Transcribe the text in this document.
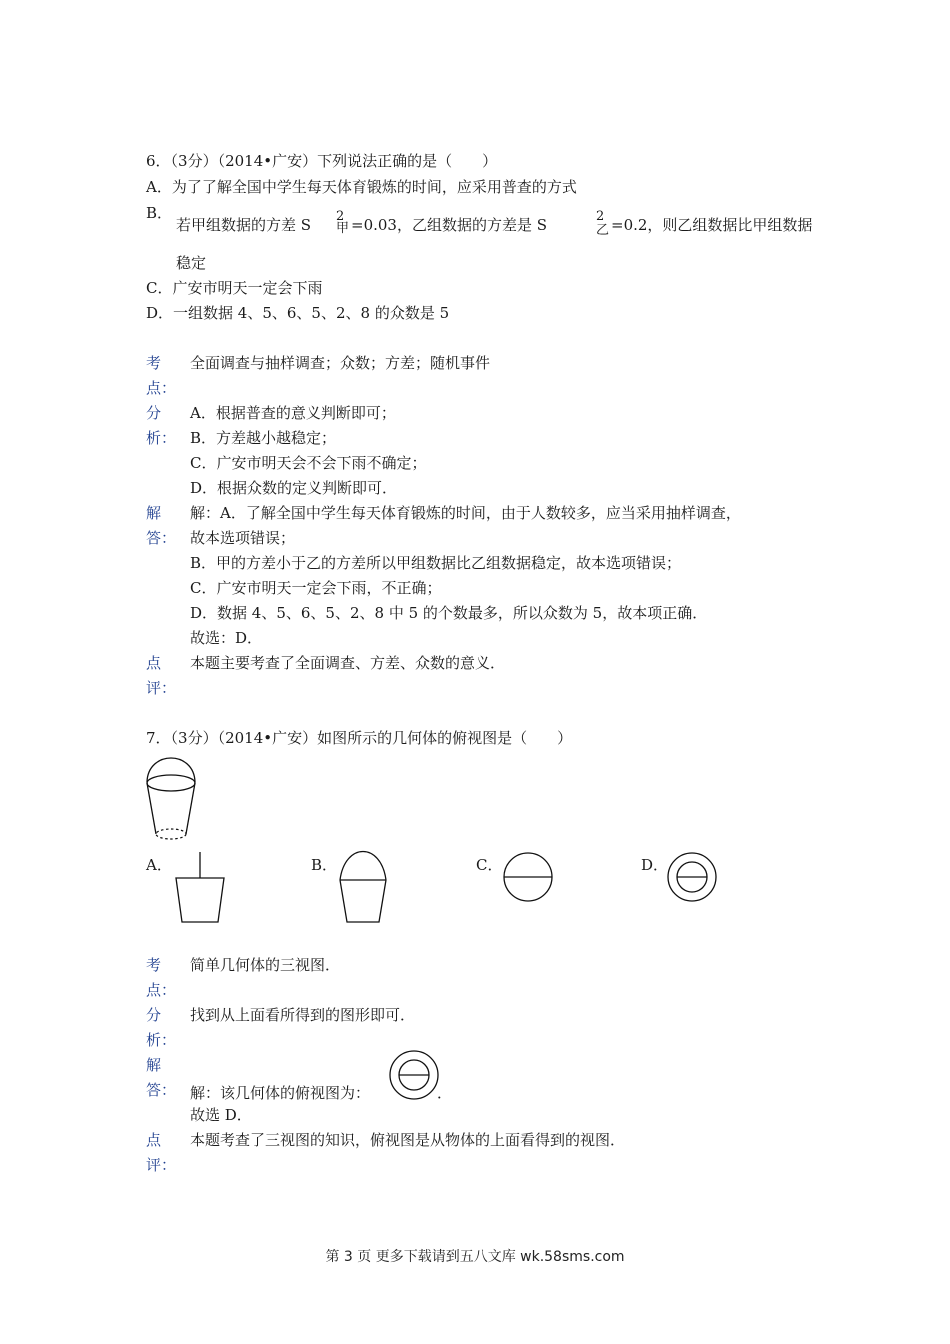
6．（3分）（2014•广安）下列说法正确的是（　　）
A．为了了解全国中学生每天体育锻炼的时间，应采用普查的方式
B．
若甲组数据的方差 S 2
甲 =0.03，乙组数据的方差是 S	2
乙 =0.2，则乙组数据比甲组数据
稳定
C．广安市明天一定会下雨
D．一组数据 4、5、6、5、2、8 的众数是 5
考
点：
全面调查与抽样调查；众数；方差；随机事件
分
析：
A．根据普查的意义判断即可；
B．方差越小越稳定；
C．广安市明天会不会下雨不确定；
D．根据众数的定义判断即可．
解
答：
解：A．了解全国中学生每天体育锻炼的时间，由于人数较多，应当采用抽样调查，
故本选项错误；
B．甲的方差小于乙的方差所以甲组数据比乙组数据稳定，故本选项错误；
C．广安市明天一定会下雨，不正确；
D．数据 4、5、6、5、2、8 中 5 的个数最多，所以众数为 5，故本项正确．
故选：D．
点
评：
本题主要考查了全面调查、方差、众数的意义．
7．（3分）（2014•广安）如图所示的几何体的俯视图是（　　）
A．	B．	C．	D．
考
点：
简单几何体的三视图．
分
析：
找到从上面看所得到的图形即可．
解
答： 解：该几何体的俯视图为：	．
故选 D．
点
评：
本题考查了三视图的知识，俯视图是从物体的上面看得到的视图．
第 3 页 更多下载请到五八文库 wk.58sms.com
